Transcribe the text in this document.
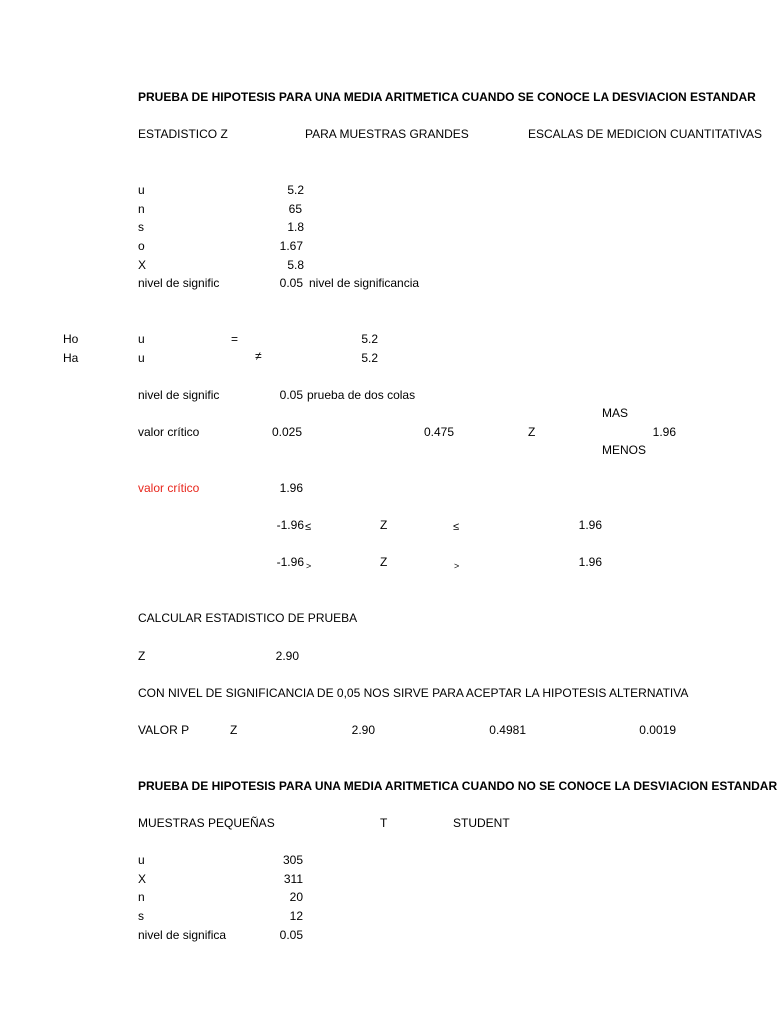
PRUEBA DE HIPOTESIS PARA UNA MEDIA ARITMETICA CUANDO SE CONOCE LA DESVIACION ESTANDAR
ESTADISTICO Z	PARA MUESTRAS GRANDES	ESCALAS DE MEDICION CUANTITATIVAS
u	5.2
n	65
s	1.8
o	1.67
X	5.8
nivel de signific	0.05 nivel de significancia
Ho	u	=	5.2
Ha	u	≠	5.2
nivel de signific	0.05 prueba de dos colas
MAS
valor crítico	0.025	0.475	Z	1.96
MENOS
valor crítico	1.96
-1.96 ≤	Z	≤	1.96
-1.96 >	Z	>	1.96
CALCULAR ESTADISTICO DE PRUEBA
Z	2.90
CON NIVEL DE SIGNIFICANCIA DE 0,05 NOS SIRVE PARA ACEPTAR LA HIPOTESIS ALTERNATIVA
VALOR P	Z	2.90	0.4981	0.0019
PRUEBA DE HIPOTESIS PARA UNA MEDIA ARITMETICA CUANDO NO SE CONOCE LA DESVIACION ESTANDAR
MUESTRAS PEQUEÑAS	T	STUDENT
u	305
X	311
n	20
s	12
nivel de significa	0.05
